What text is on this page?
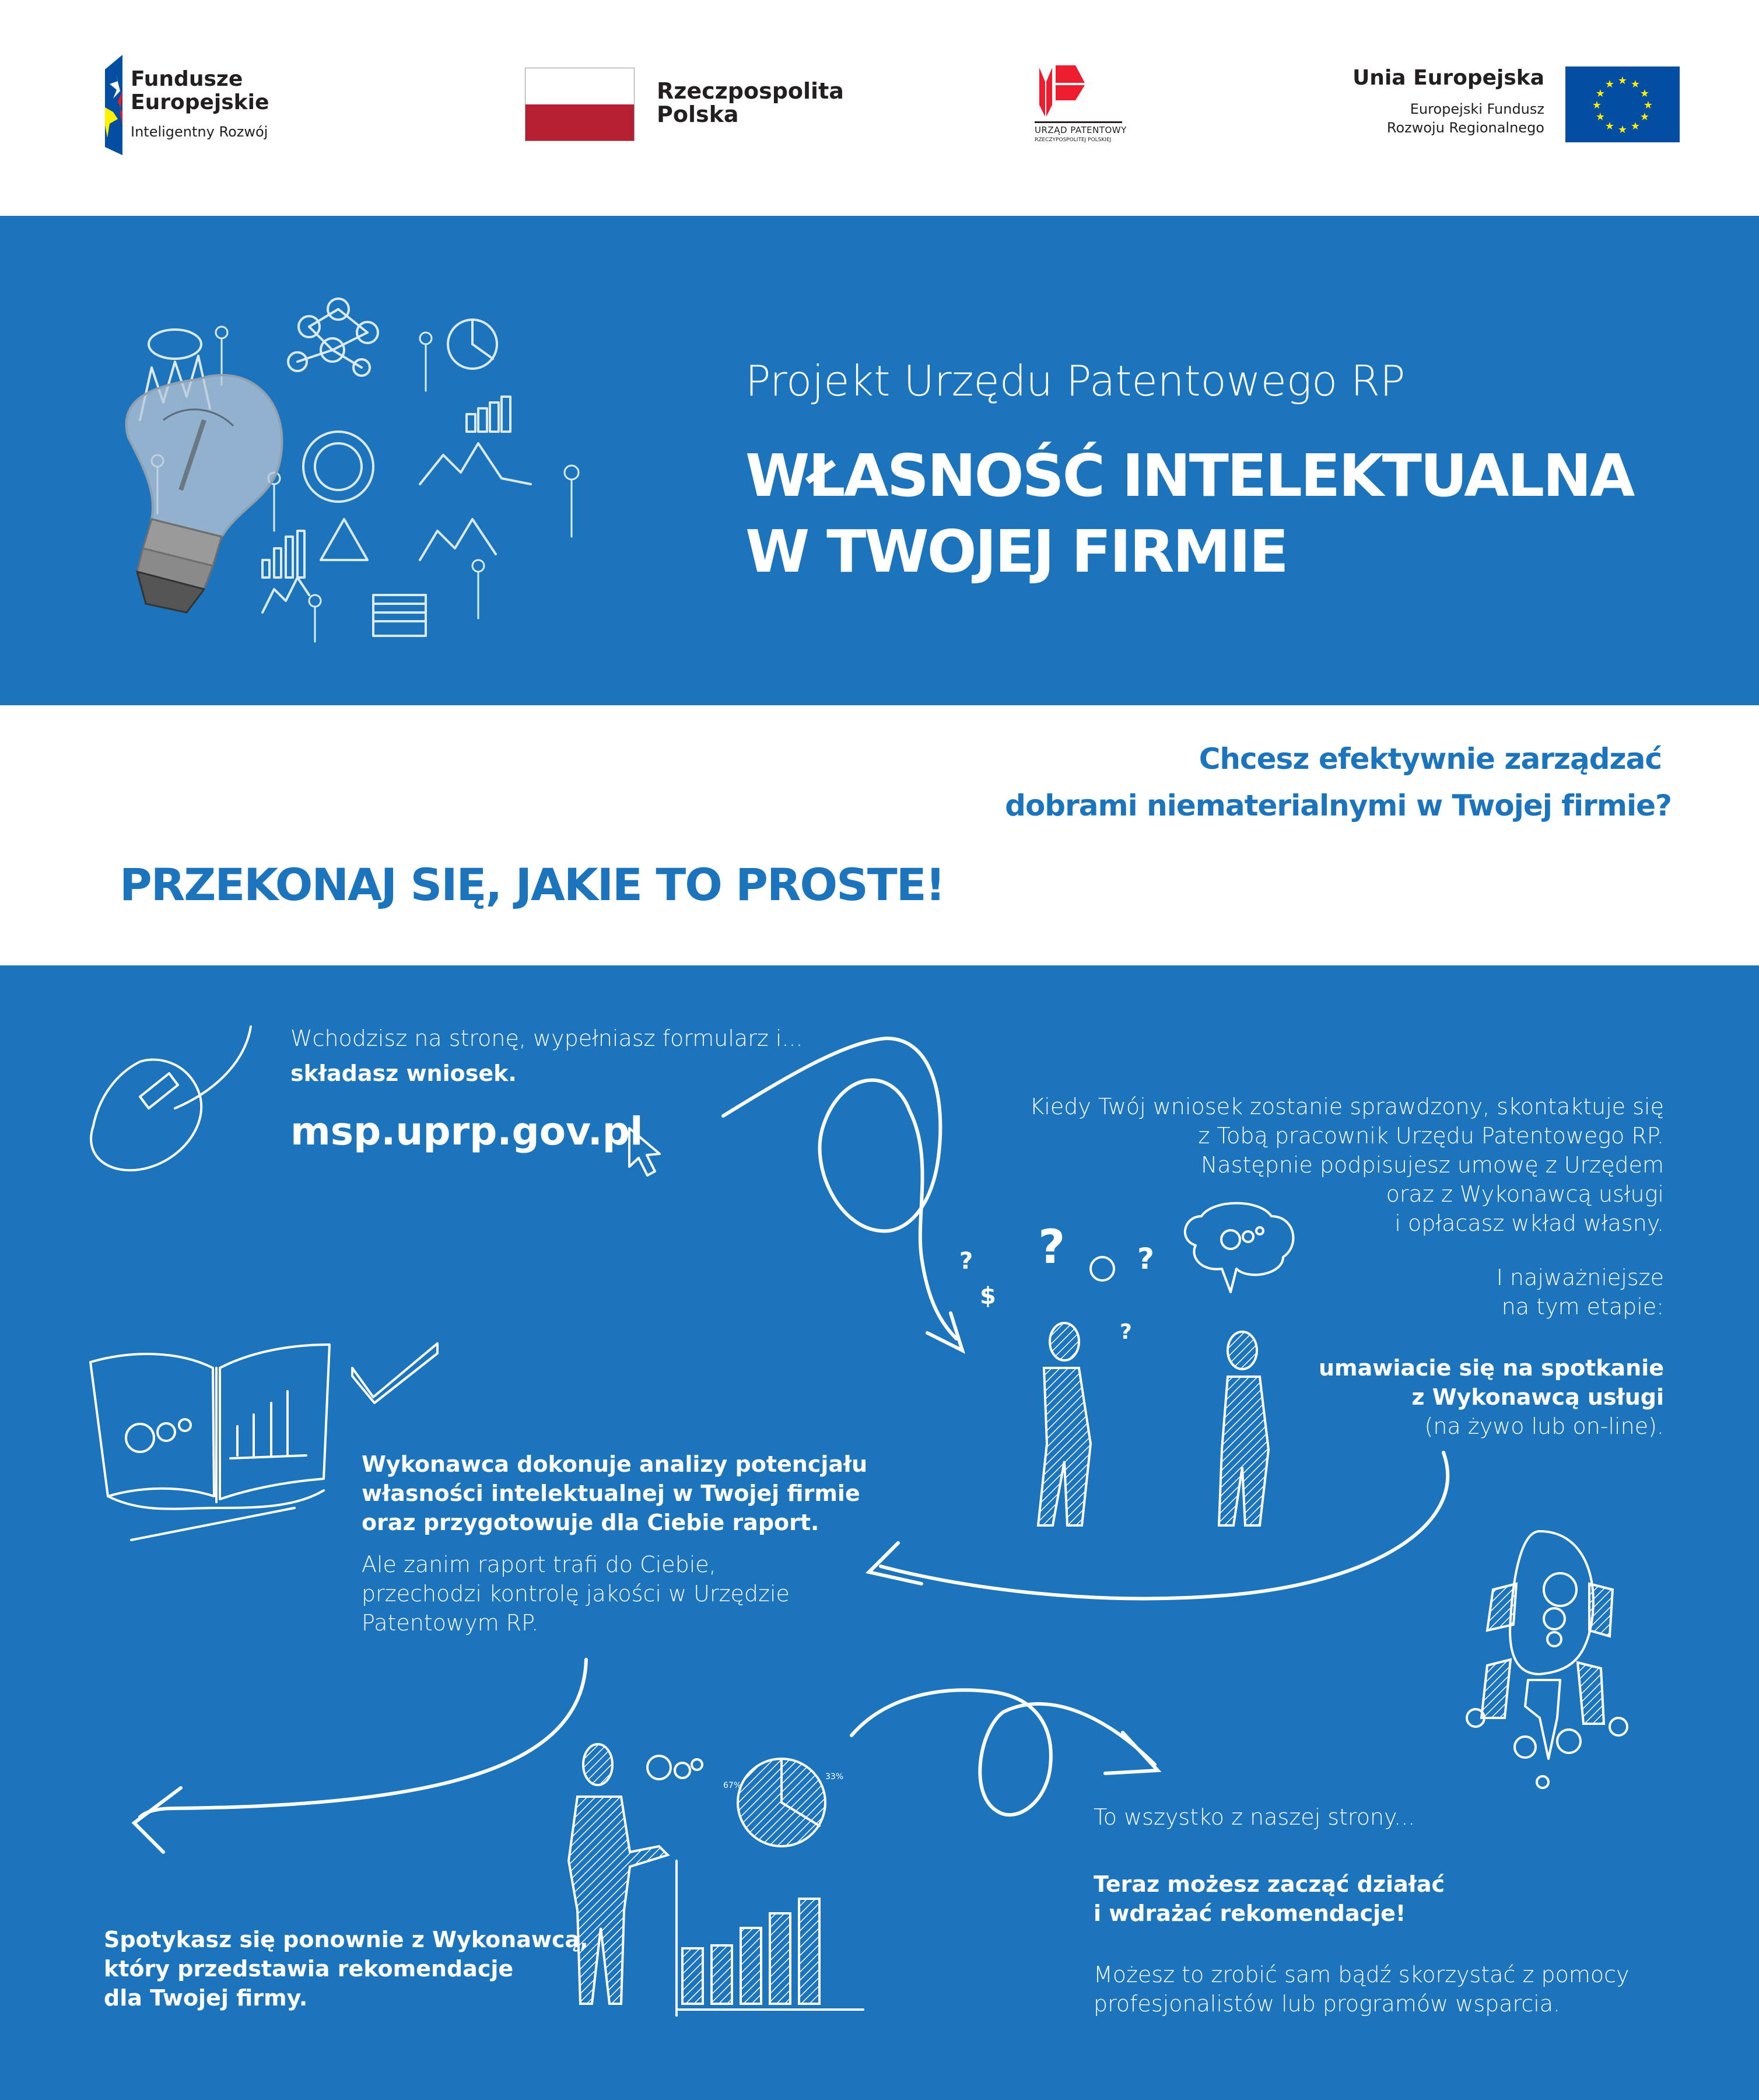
Fundusze
Europejskie
Inteligentny Rozwój
Rzeczpospolita
Polska
URZĄD PATENTOWY
RZECZYPOSPOLITEJ POLSKIEJ
Unia Europejska
Europejski Fundusz
Rozwoju Regionalnego
★ ★
★
★
★
★
★
★
★
★
★
★
Projekt Urzędu Patentowego RP
WŁASNOŚĆ INTELEKTUALNA
W TWOJEJ FIRMIE
Chcesz efektywnie zarządzać
dobrami niematerialnymi w Twojej firmie?
PRZEKONAJ SIĘ, JAKIE TO PROSTE!
Wchodzisz na stronę, wypełniasz formularz i...
składasz wniosek.
msp.uprp.gov.pl
? ? ?
$
?
Kiedy Twój wniosek zostanie sprawdzony, skontaktuje się
z Tobą pracownik Urzędu Patentowego RP.
Następnie podpisujesz umowę z Urzędem
oraz z Wykonawcą usługi
i opłacasz wkład własny.
I najważniejsze
na tym etapie:
umawiacie się na spotkanie
z Wykonawcą usługi
(na żywo lub on-line).
Wykonawca dokonuje analizy potencjału
własności intelektualnej w Twojej firmie
oraz przygotowuje dla Ciebie raport.
Ale zanim raport trafi do Ciebie,
przechodzi kontrolę jakości w Urzędzie
Patentowym RP.
67%
33%
Spotykasz się ponownie z Wykonawcą,
który przedstawia rekomendacje
dla Twojej firmy.
To wszystko z naszej strony...
Teraz możesz zacząć działać
i wdrażać rekomendacje!
Możesz to zrobić sam bądź skorzystać z pomocy
profesjonalistów lub programów wsparcia.
